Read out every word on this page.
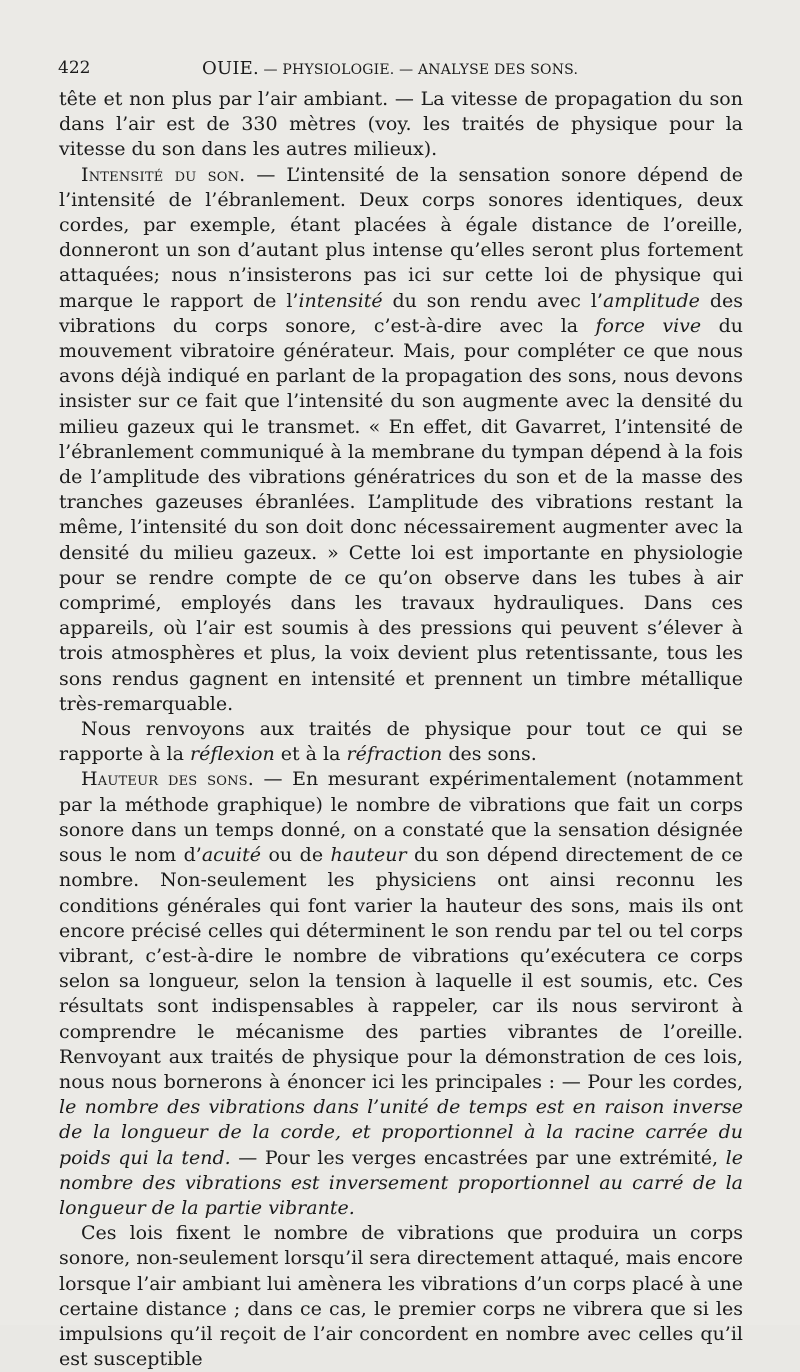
422	OUIE. — PHYSIOLOGIE. — ANALYSE DES SONS.

tête et non plus par l’air ambiant. — La vitesse de propagation du son dans l’air est de 330 mètres (voy. les traités de physique pour la vitesse du son dans les autres milieux).

Intensité du son. — L’intensité de la sensation sonore dépend de l’intensité de l’ébranlement. Deux corps sonores identiques, deux cordes, par exemple, étant placées à égale distance de l’oreille, donneront un son d’autant plus intense qu’elles seront plus fortement attaquées; nous n’insisterons pas ici sur cette loi de physique qui marque le rapport de l’intensité du son rendu avec l’amplitude des vibrations du corps sonore, c’est-à-dire avec la force vive du mouvement vibratoire générateur. Mais, pour compléter ce que nous avons déjà indiqué en parlant de la propagation des sons, nous devons insister sur ce fait que l’intensité du son augmente avec la densité du milieu gazeux qui le transmet. « En effet, dit Gavarret, l’intensité de l’ébranlement communiqué à la membrane du tympan dépend à la fois de l’amplitude des vibrations génératrices du son et de la masse des tranches gazeuses ébranlées. L’amplitude des vibrations restant la même, l’intensité du son doit donc nécessairement augmenter avec la densité du milieu gazeux. » Cette loi est importante en physiologie pour se rendre compte de ce qu’on observe dans les tubes à air comprimé, employés dans les travaux hydrauliques. Dans ces appareils, où l’air est soumis à des pressions qui peuvent s’élever à trois atmosphères et plus, la voix devient plus retentissante, tous les sons rendus gagnent en intensité et prennent un timbre métallique très-remarquable.

Nous renvoyons aux traités de physique pour tout ce qui se rapporte à la réflexion et à la réfraction des sons.

Hauteur des sons. — En mesurant expérimentalement (notamment par la méthode graphique) le nombre de vibrations que fait un corps sonore dans un temps donné, on a constaté que la sensation désignée sous le nom d’acuité ou de hauteur du son dépend directement de ce nombre. Non-seulement les physiciens ont ainsi reconnu les conditions générales qui font varier la hauteur des sons, mais ils ont encore précisé celles qui déterminent le son rendu par tel ou tel corps vibrant, c’est-à-dire le nombre de vibrations qu’exécutera ce corps selon sa longueur, selon la tension à laquelle il est soumis, etc. Ces résultats sont indispensables à rappeler, car ils nous serviront à comprendre le mécanisme des parties vibrantes de l’oreille. Renvoyant aux traités de physique pour la démonstration de ces lois, nous nous bornerons à énoncer ici les principales : — Pour les cordes, le nombre des vibrations dans l’unité de temps est en raison inverse de la longueur de la corde, et proportionnel à la racine carrée du poids qui la tend. — Pour les verges encastrées par une extrémité, le nombre des vibrations est inversement proportionnel au carré de la longueur de la partie vibrante.

Ces lois fixent le nombre de vibrations que produira un corps sonore, non-seulement lorsqu’il sera directement attaqué, mais encore lorsque l’air ambiant lui amènera les vibrations d’un corps placé à une certaine distance ; dans ce cas, le premier corps ne vibrera que si les impulsions qu’il reçoit de l’air concordent en nombre avec celles qu’il est susceptible
